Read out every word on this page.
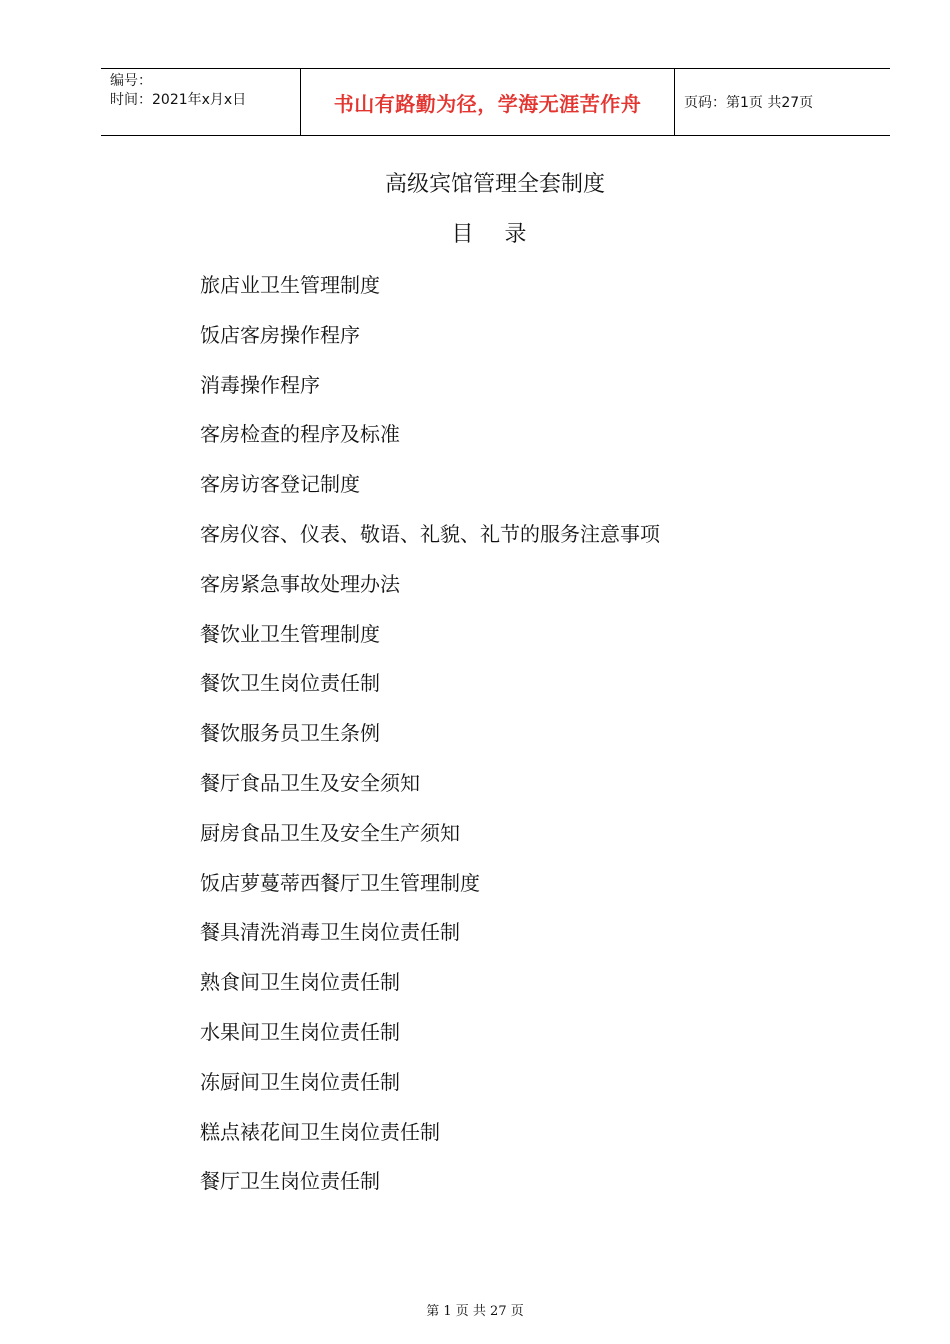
编号：
时间：2021年x月x日	书山有路勤为径，学海无涯苦作舟	页码：第1页 共27页
高级宾馆管理全套制度
目 录
旅店业卫生管理制度
饭店客房操作程序
消毒操作程序
客房检查的程序及标准
客房访客登记制度
客房仪容、仪表、敬语、礼貌、礼节的服务注意事项
客房紧急事故处理办法
餐饮业卫生管理制度
餐饮卫生岗位责任制
餐饮服务员卫生条例
餐厅食品卫生及安全须知
厨房食品卫生及安全生产须知
饭店萝蔓蒂西餐厅卫生管理制度
餐具清洗消毒卫生岗位责任制
熟食间卫生岗位责任制
水果间卫生岗位责任制
冻厨间卫生岗位责任制
糕点裱花间卫生岗位责任制
餐厅卫生岗位责任制
第 1 页 共 27 页
